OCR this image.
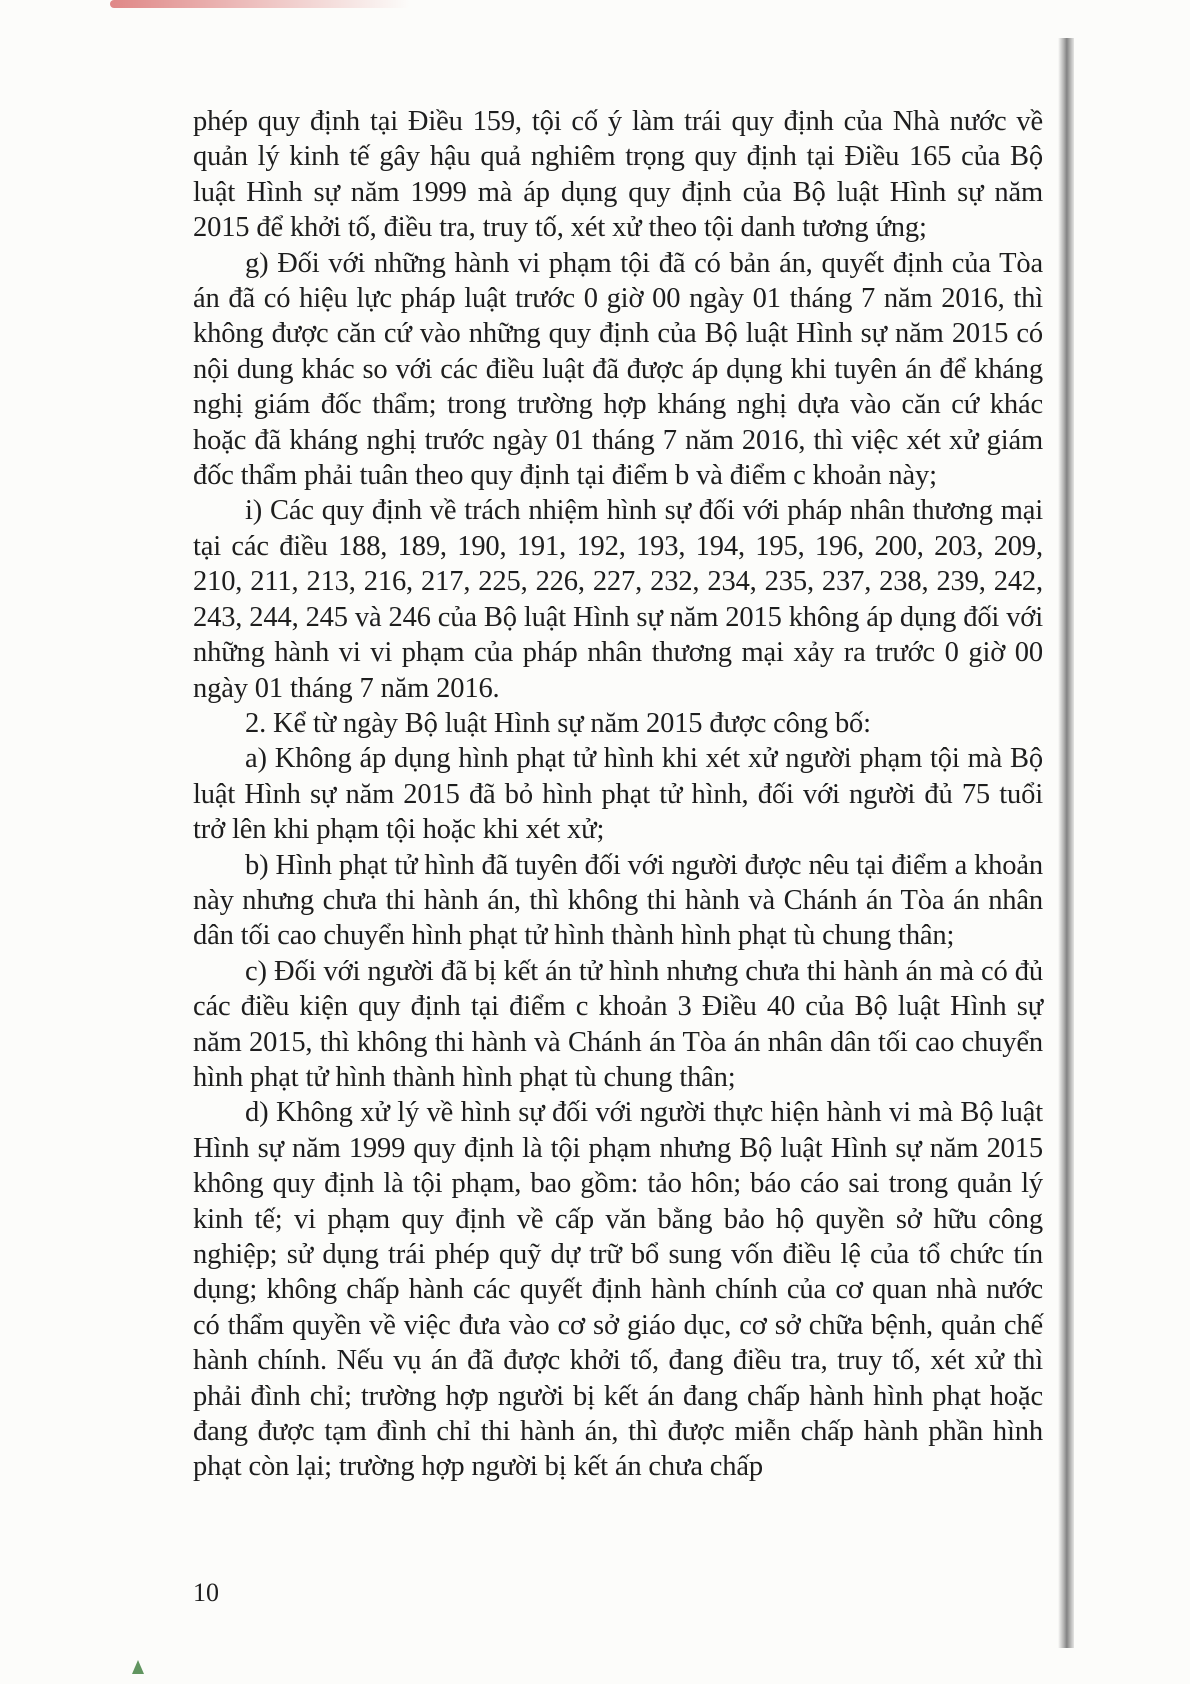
phép quy định tại Điều 159, tội cố ý làm trái quy định của Nhà nước về quản lý kinh tế gây hậu quả nghiêm trọng quy định tại Điều 165 của Bộ luật Hình sự năm 1999 mà áp dụng quy định của Bộ luật Hình sự năm 2015 để khởi tố, điều tra, truy tố, xét xử theo tội danh tương ứng;

g) Đối với những hành vi phạm tội đã có bản án, quyết định của Tòa án đã có hiệu lực pháp luật trước 0 giờ 00 ngày 01 tháng 7 năm 2016, thì không được căn cứ vào những quy định của Bộ luật Hình sự năm 2015 có nội dung khác so với các điều luật đã được áp dụng khi tuyên án để kháng nghị giám đốc thẩm; trong trường hợp kháng nghị dựa vào căn cứ khác hoặc đã kháng nghị trước ngày 01 tháng 7 năm 2016, thì việc xét xử giám đốc thẩm phải tuân theo quy định tại điểm b và điểm c khoản này;

i) Các quy định về trách nhiệm hình sự đối với pháp nhân thương mại tại các điều 188, 189, 190, 191, 192, 193, 194, 195, 196, 200, 203, 209, 210, 211, 213, 216, 217, 225, 226, 227, 232, 234, 235, 237, 238, 239, 242, 243, 244, 245 và 246 của Bộ luật Hình sự năm 2015 không áp dụng đối với những hành vi vi phạm của pháp nhân thương mại xảy ra trước 0 giờ 00 ngày 01 tháng 7 năm 2016.

2. Kể từ ngày Bộ luật Hình sự năm 2015 được công bố:

a) Không áp dụng hình phạt tử hình khi xét xử người phạm tội mà Bộ luật Hình sự năm 2015 đã bỏ hình phạt tử hình, đối với người đủ 75 tuổi trở lên khi phạm tội hoặc khi xét xử;

b) Hình phạt tử hình đã tuyên đối với người được nêu tại điểm a khoản này nhưng chưa thi hành án, thì không thi hành và Chánh án Tòa án nhân dân tối cao chuyển hình phạt tử hình thành hình phạt tù chung thân;

c) Đối với người đã bị kết án tử hình nhưng chưa thi hành án mà có đủ các điều kiện quy định tại điểm c khoản 3 Điều 40 của Bộ luật Hình sự năm 2015, thì không thi hành và Chánh án Tòa án nhân dân tối cao chuyển hình phạt tử hình thành hình phạt tù chung thân;

d) Không xử lý về hình sự đối với người thực hiện hành vi mà Bộ luật Hình sự năm 1999 quy định là tội phạm nhưng Bộ luật Hình sự năm 2015 không quy định là tội phạm, bao gồm: tảo hôn; báo cáo sai trong quản lý kinh tế; vi phạm quy định về cấp văn bằng bảo hộ quyền sở hữu công nghiệp; sử dụng trái phép quỹ dự trữ bổ sung vốn điều lệ của tổ chức tín dụng; không chấp hành các quyết định hành chính của cơ quan nhà nước có thẩm quyền về việc đưa vào cơ sở giáo dục, cơ sở chữa bệnh, quản chế hành chính. Nếu vụ án đã được khởi tố, đang điều tra, truy tố, xét xử thì phải đình chỉ; trường hợp người bị kết án đang chấp hành hình phạt hoặc đang được tạm đình chỉ thi hành án, thì được miễn chấp hành phần hình phạt còn lại; trường hợp người bị kết án chưa chấp

10
